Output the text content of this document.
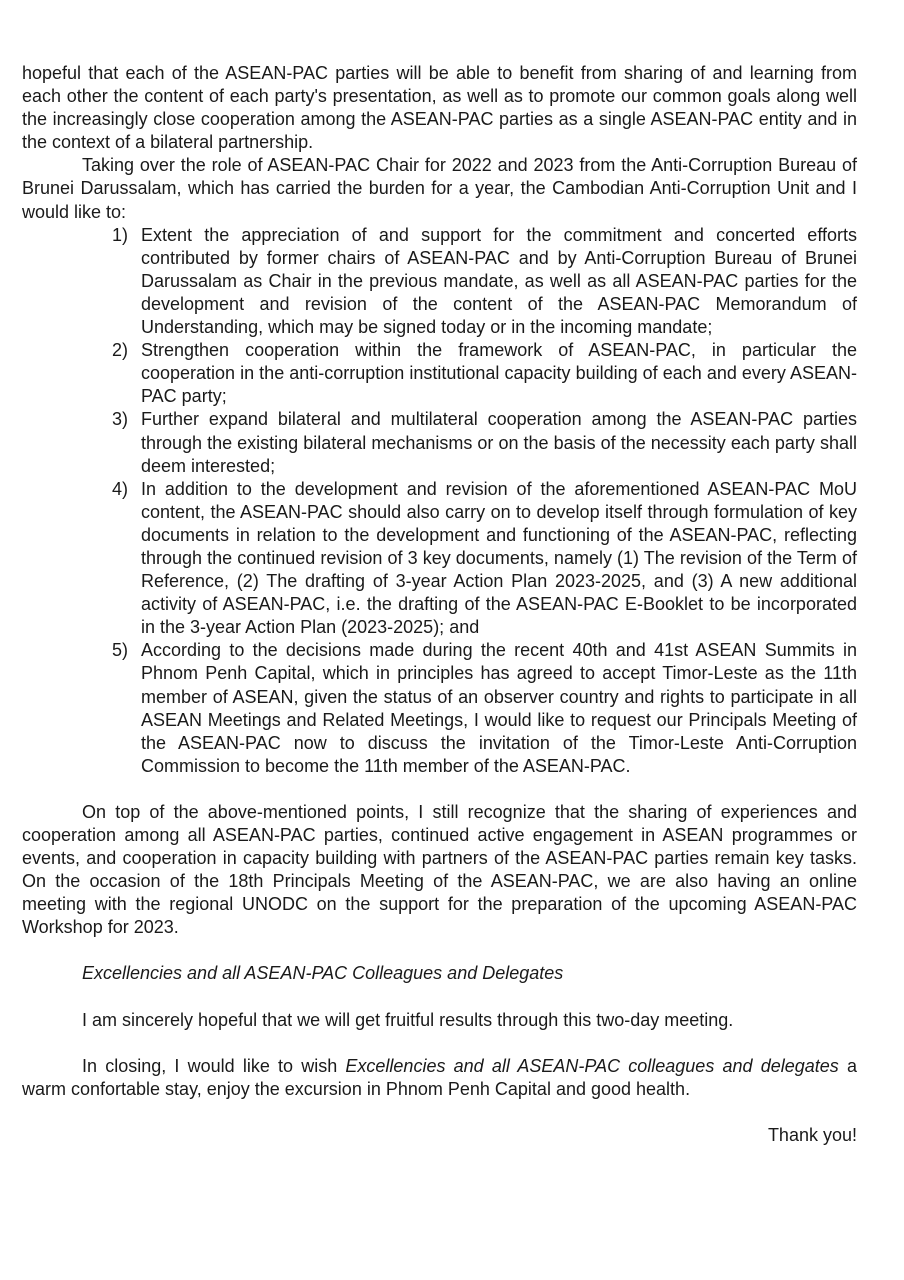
hopeful that each of the ASEAN-PAC parties will be able to benefit from sharing of and learning from each other the content of each party's presentation, as well as to promote our common goals along well the increasingly close cooperation among the ASEAN-PAC parties as a single ASEAN-PAC entity and in the context of a bilateral partnership.

Taking over the role of ASEAN-PAC Chair for 2022 and 2023 from the Anti-Corruption Bureau of Brunei Darussalam, which has carried the burden for a year, the Cambodian Anti-Corruption Unit and I would like to:

1) Extent the appreciation of and support for the commitment and concerted efforts contributed by former chairs of ASEAN-PAC and by Anti-Corruption Bureau of Brunei Darussalam as Chair in the previous mandate, as well as all ASEAN-PAC parties for the development and revision of the content of the ASEAN-PAC Memorandum of Understanding, which may be signed today or in the incoming mandate;
2) Strengthen cooperation within the framework of ASEAN-PAC, in particular the cooperation in the anti-corruption institutional capacity building of each and every ASEAN-PAC party;
3) Further expand bilateral and multilateral cooperation among the ASEAN-PAC parties through the existing bilateral mechanisms or on the basis of the necessity each party shall deem interested;
4) In addition to the development and revision of the aforementioned ASEAN-PAC MoU content, the ASEAN-PAC should also carry on to develop itself through formulation of key documents in relation to the development and functioning of the ASEAN-PAC, reflecting through the continued revision of 3 key documents, namely (1) The revision of the Term of Reference, (2) The drafting of 3-year Action Plan 2023-2025, and (3) A new additional activity of ASEAN-PAC, i.e. the drafting of the ASEAN-PAC E-Booklet to be incorporated in the 3-year Action Plan (2023-2025); and
5) According to the decisions made during the recent 40th and 41st ASEAN Summits in Phnom Penh Capital, which in principles has agreed to accept Timor-Leste as the 11th member of ASEAN, given the status of an observer country and rights to participate in all ASEAN Meetings and Related Meetings, I would like to request our Principals Meeting of the ASEAN-PAC now to discuss the invitation of the Timor-Leste Anti-Corruption Commission to become the 11th member of the ASEAN-PAC.

On top of the above-mentioned points, I still recognize that the sharing of experiences and cooperation among all ASEAN-PAC parties, continued active engagement in ASEAN programmes or events, and cooperation in capacity building with partners of the ASEAN-PAC parties remain key tasks. On the occasion of the 18th Principals Meeting of the ASEAN-PAC, we are also having an online meeting with the regional UNODC on the support for the preparation of the upcoming ASEAN-PAC Workshop for 2023.

Excellencies and all ASEAN-PAC Colleagues and Delegates

I am sincerely hopeful that we will get fruitful results through this two-day meeting.

In closing, I would like to wish Excellencies and all ASEAN-PAC colleagues and delegates a warm confortable stay, enjoy the excursion in Phnom Penh Capital and good health.

Thank you!
